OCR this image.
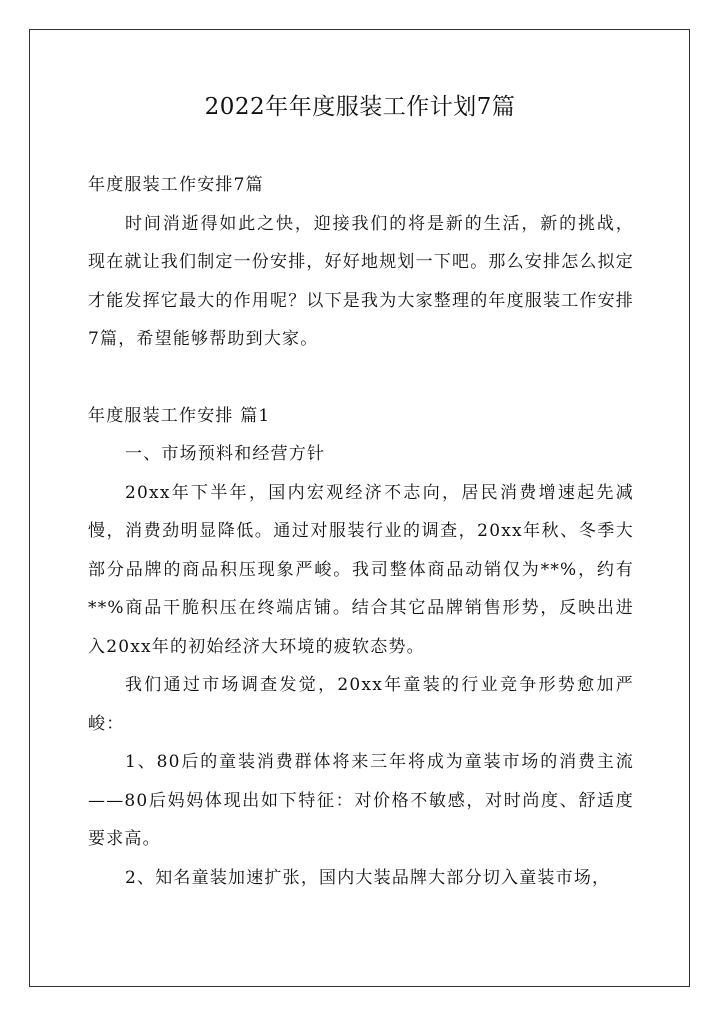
2022年年度服装工作计划7篇

年度服装工作安排7篇

时间消逝得如此之快，迎接我们的将是新的生活，新的挑战，现在就让我们制定一份安排，好好地规划一下吧。那么安排怎么拟定才能发挥它最大的作用呢？以下是我为大家整理的年度服装工作安排7篇，希望能够帮助到大家。

年度服装工作安排 篇1

一、市场预料和经营方针

20xx年下半年，国内宏观经济不志向，居民消费增速起先减慢，消费劲明显降低。通过对服装行业的调查，20xx年秋、冬季大部分品牌的商品积压现象严峻。我司整体商品动销仅为**%，约有**%商品干脆积压在终端店铺。结合其它品牌销售形势，反映出进入20xx年的初始经济大环境的疲软态势。

我们通过市场调查发觉，20xx年童装的行业竞争形势愈加严峻：

1、80后的童装消费群体将来三年将成为童装市场的消费主流——80后妈妈体现出如下特征：对价格不敏感，对时尚度、舒适度要求高。

2、知名童装加速扩张，国内大装品牌大部分切入童装市场，
